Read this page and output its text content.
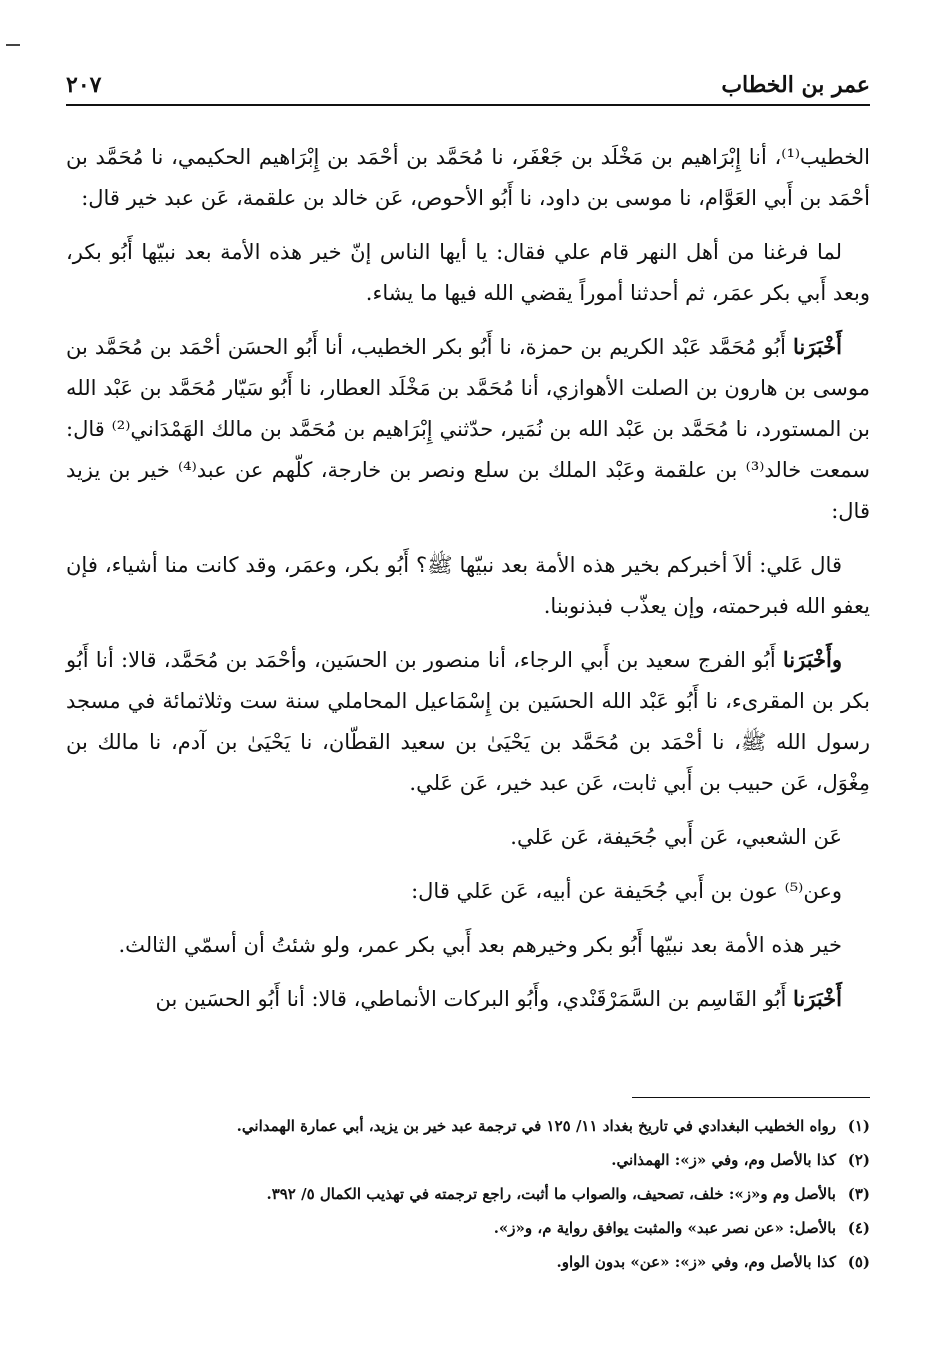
عمر بن الخطاب
٢٠٧

الخطيب⁽¹⁾، أنا إِبْرَاهيم بن مَخْلَد بن جَعْفَر، نا مُحَمَّد بن أحْمَد بن إِبْرَاهيم الحكيمي، نا مُحَمَّد بن أحْمَد بن أَبي العَوَّام، نا موسى بن داود، نا أَبُو الأحوص، عَن خالد بن علقمة، عَن عبد خير قال:

لما فرغنا من أهل النهر قام علي فقال: يا أيها الناس إنّ خير هذه الأمة بعد نبيّها أَبُو بكر، وبعد أَبي بكر عمَر، ثم أحدثنا أموراً يقضي الله فيها ما يشاء.

أَخْبَرَنا أَبُو مُحَمَّد عَبْد الكريم بن حمزة، نا أَبُو بكر الخطيب، أنا أَبُو الحسَن أحْمَد بن مُحَمَّد بن موسى بن هارون بن الصلت الأهوازي، أنا مُحَمَّد بن مَخْلَد العطار، نا أَبُو سَيّار مُحَمَّد بن عَبْد الله بن المستورد، نا مُحَمَّد بن عَبْد الله بن نُمَير، حدّثني إِبْرَاهيم بن مُحَمَّد بن مالك الهَمْدَاني⁽²⁾ قال: سمعت خالد⁽³⁾ بن علقمة وعَبْد الملك بن سلع ونصر بن خارجة، كلّهم عن عبد⁽⁴⁾ خير بن يزيد قال:

قال عَلي: ألاَ أخبركم بخير هذه الأمة بعد نبيّها ﷺ؟ أَبُو بكر، وعمَر، وقد كانت منا أشياء، فإن يعفو الله فبرحمته، وإن يعذّب فبذنوبنا.

وأَخْبَرَنا أَبُو الفرج سعيد بن أَبي الرجاء، أنا منصور بن الحسَين، وأحْمَد بن مُحَمَّد، قالا: أنا أَبُو بكر بن المقرىء، نا أَبُو عَبْد الله الحسَين بن إِسْمَاعيل المحاملي سنة ست وثلاثمائة في مسجد رسول الله ﷺ، نا أحْمَد بن مُحَمَّد بن يَحْيَىٰ بن سعيد القطّان، نا يَحْيَىٰ بن آدم، نا مالك بن مِغْوَل، عَن حبيب بن أَبي ثابت، عَن عبد خير، عَن عَلي.

عَن الشعبي، عَن أَبي جُحَيفة، عَن عَلي.

وعن⁽⁵⁾ عون بن أَبي جُحَيفة عن أبيه، عَن عَلي قال:

خير هذه الأمة بعد نبيّها أَبُو بكر وخيرهم بعد أَبي بكر عمر، ولو شئتُ أن أسمّي الثالث.

أَخْبَرَنا أَبُو القَاسِم بن السَّمَرْقَنْدي، وأَبُو البركات الأنماطي، قالا: أنا أَبُو الحسَين بن

(١)
رواه الخطيب البغدادي في تاريخ بغداد ١١/ ١٢٥ في ترجمة عبد خير بن يزيد، أبي عمارة الهمداني.
(٢)
كذا بالأصل وم، وفي «ز»: الهمذاني.
(٣)
بالأصل وم و«ز»: خلف، تصحيف، والصواب ما أثبت، راجع ترجمته في تهذيب الكمال ٥/ ٣٩٢.
(٤)
بالأصل: «عن نصر عبد» والمثبت يوافق رواية م، و«ز».
(٥)
كذا بالأصل وم، وفي «ز»: «عن» بدون الواو.
